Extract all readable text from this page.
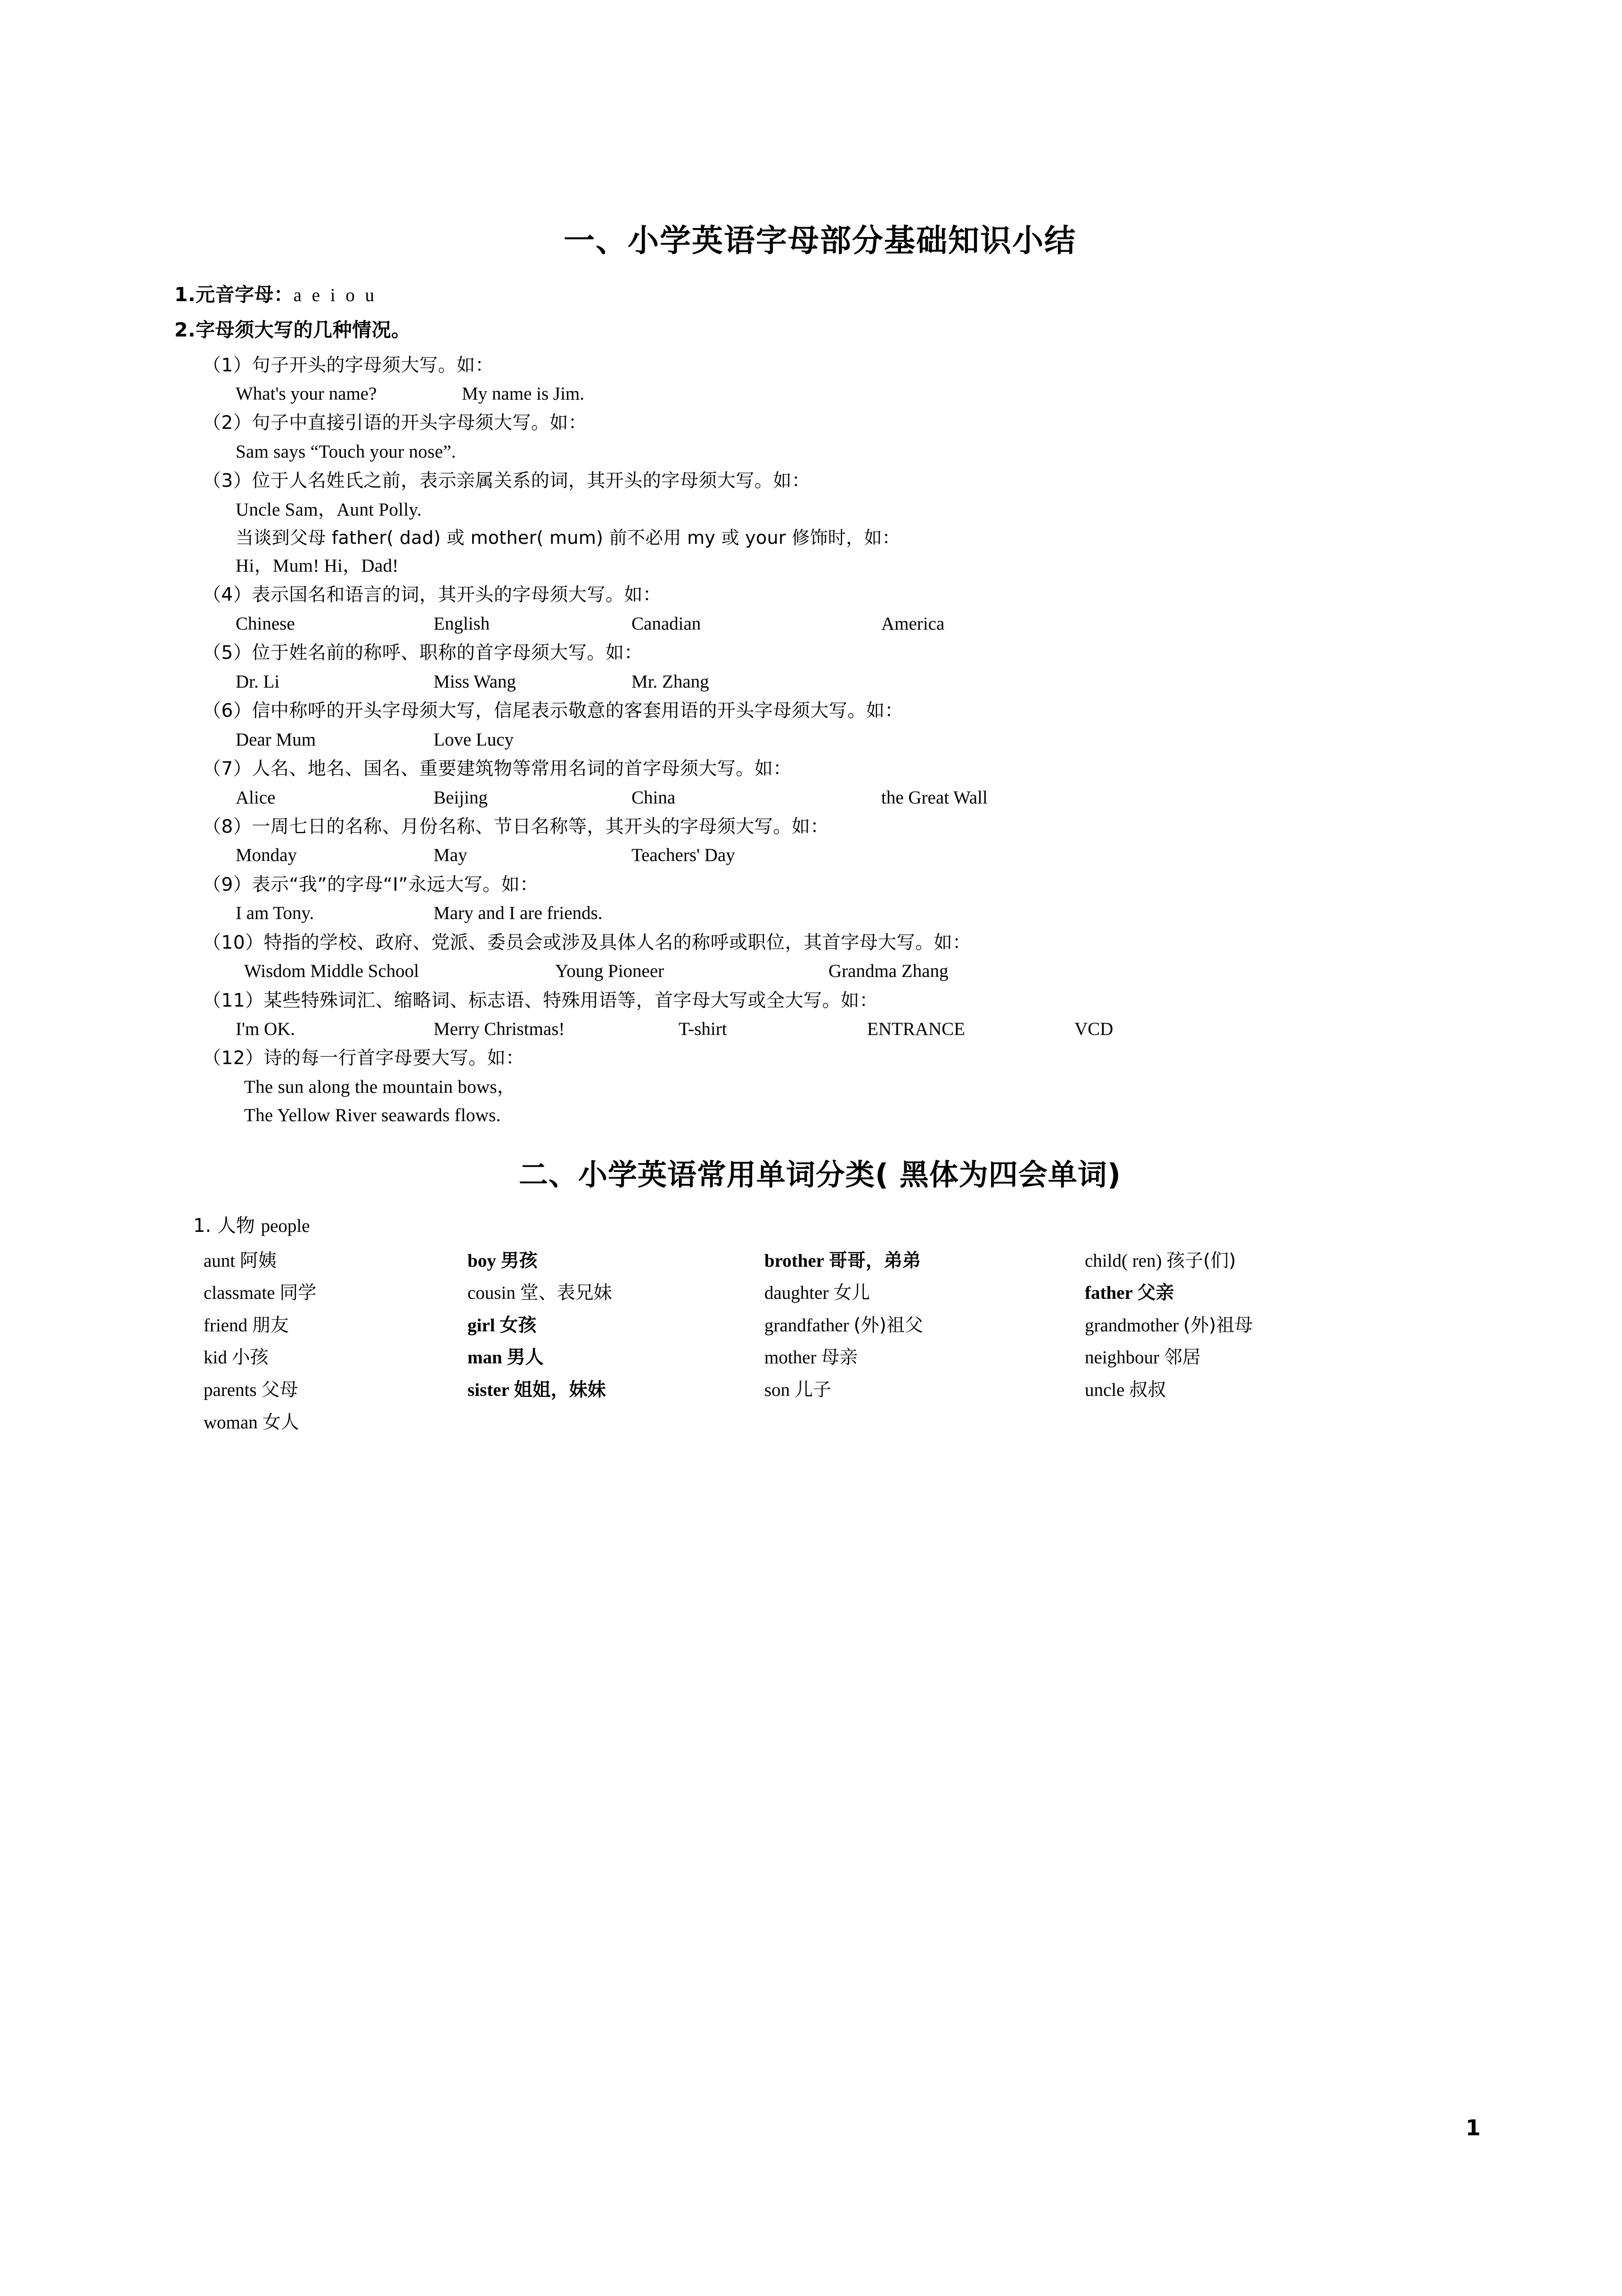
一、小学英语字母部分基础知识小结
1.元音字母：a e i o u
2.字母须大写的几种情况。
（1）句子开头的字母须大写。如：
What's your name?	My name is Jim.
（2）句子中直接引语的开头字母须大写。如：
Sam says “Touch your nose”.
（3）位于人名姓氏之前，表示亲属关系的词，其开头的字母须大写。如：
Uncle Sam，Aunt Polly.
当谈到父母 father( dad) 或 mother( mum) 前不必用 my 或 your 修饰时，如：
Hi，Mum! Hi，Dad!
（4）表示国名和语言的词，其开头的字母须大写。如：
Chinese	English	Canadian	America
（5）位于姓名前的称呼、职称的首字母须大写。如：
Dr. Li	Miss Wang	Mr. Zhang
（6）信中称呼的开头字母须大写，信尾表示敬意的客套用语的开头字母须大写。如：
Dear Mum	Love Lucy
（7）人名、地名、国名、重要建筑物等常用名词的首字母须大写。如：
Alice	Beijing	China	the Great Wall
（8）一周七日的名称、月份名称、节日名称等，其开头的字母须大写。如：
Monday	May	Teachers' Day
（9）表示“我”的字母“I”永远大写。如：
I am Tony.	Mary and I are friends.
（10）特指的学校、政府、党派、委员会或涉及具体人名的称呼或职位，其首字母大写。如：
Wisdom Middle School	Young Pioneer	Grandma Zhang
（11）某些特殊词汇、缩略词、标志语、特殊用语等，首字母大写或全大写。如：
I'm OK.	Merry Christmas!	T-shirt	ENTRANCE	VCD
（12）诗的每一行首字母要大写。如：
The sun along the mountain bows，
The Yellow River seawards flows.
二、小学英语常用单词分类( 黑体为四会单词)
1. 人物 people
aunt 阿姨	boy 男孩	brother 哥哥，弟弟	child( ren) 孩子(们)
classmate 同学	cousin 堂、表兄妹	daughter 女儿	father 父亲
friend 朋友	girl 女孩	grandfather (外)祖父	grandmother (外)祖母
kid 小孩	man 男人	mother 母亲	neighbour 邻居
parents 父母	sister 姐姐，妹妹	son 儿子	uncle 叔叔
woman 女人			
1
